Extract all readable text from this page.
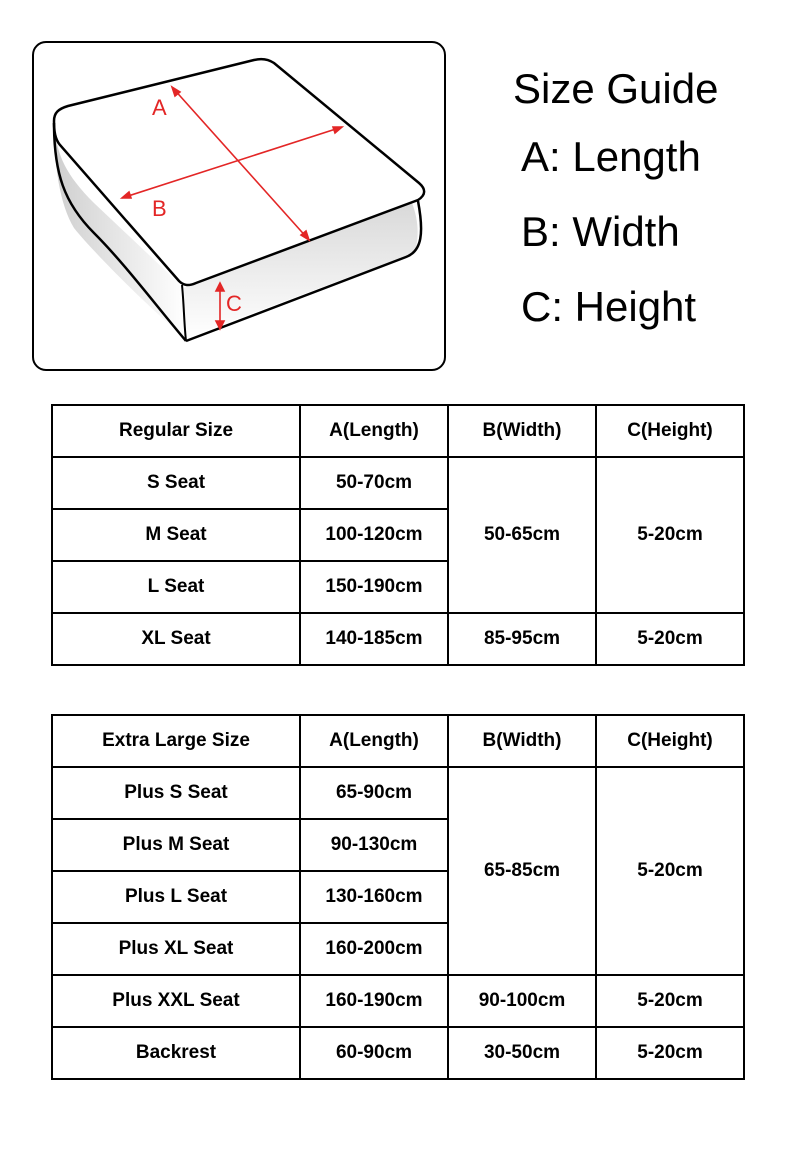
A
B
C
Size Guide
A: Length
B: Width
C: Height
Regular Size	A(Length)	B(Width)	C(Height)
S Seat	50-70cm	50-65cm	5-20cm
M Seat	100-120cm		
L Seat	150-190cm		
XL Seat	140-185cm	85-95cm	5-20cm
Extra Large Size	A(Length)	B(Width)	C(Height)
Plus S Seat	65-90cm	65-85cm	5-20cm
Plus M Seat	90-130cm		
Plus L Seat	130-160cm		
Plus XL Seat	160-200cm		
Plus XXL Seat	160-190cm	90-100cm	5-20cm
Backrest	60-90cm	30-50cm	5-20cm
